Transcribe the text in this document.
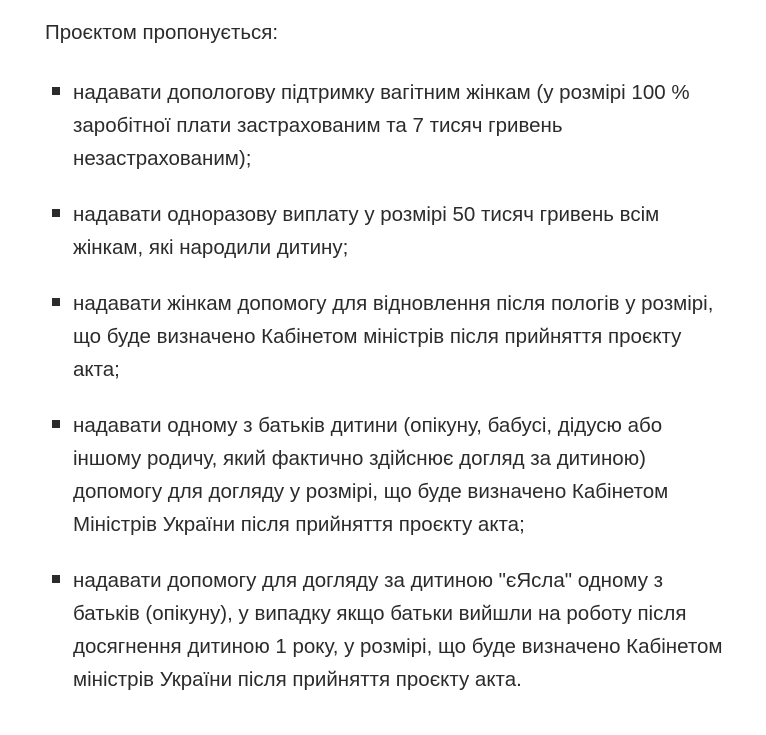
Проєктом пропонується:

надавати допологову підтримку вагітним жінкам (у розмірі 100 % заробітної плати застрахованим та 7 тисяч гривень незастрахованим);
надавати одноразову виплату у розмірі 50 тисяч гривень всім жінкам, які народили дитину;
надавати жінкам допомогу для відновлення після пологів у розмірі, що буде визначено Кабінетом міністрів після прийняття проєкту акта;
надавати одному з батьків дитини (опікуну, бабусі, дідусю або іншому родичу, який фактично здійснює догляд за дитиною) допомогу для догляду у розмірі, що буде визначено Кабінетом Міністрів України після прийняття проєкту акта;
надавати допомогу для догляду за дитиною "єЯсла" одному з батьків (опікуну), у випадку якщо батьки вийшли на роботу після досягнення дитиною 1 року, у розмірі, що буде визначено Кабінетом міністрів України після прийняття проєкту акта.
